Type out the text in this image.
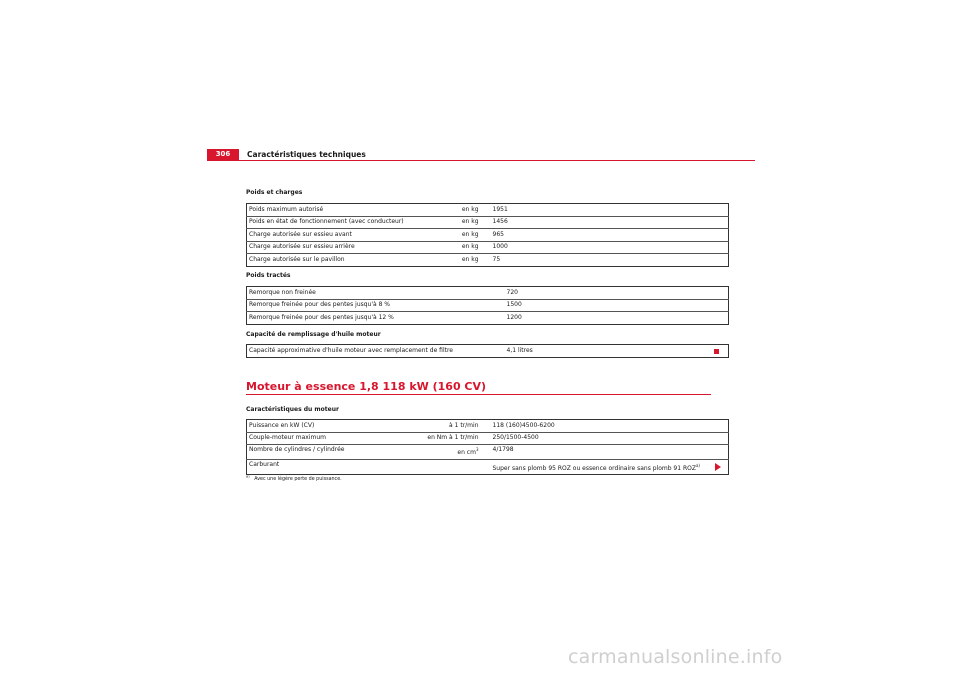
306	Caractéristiques techniques
Poids et charges
Poids maximum autorisé en kg	1951

Poids en état de fonctionnement (avec conducteur) en kg	1456

Charge autorisée sur essieu avant en kg	965

Charge autorisée sur essieu arrière en kg	1000

Charge autorisée sur le pavillon en kg	75
Poids tractés
Remorque non freinée	720
Remorque freinée pour des pentes jusqu'à 8 %	1500
Remorque freinée pour des pentes jusqu'à 12 %	1200
Capacité de remplissage d'huile moteur
Capacité approximative d'huile moteur avec remplacement de filtre	4,1 litres
Moteur à essence 1,8 118 kW (160 CV)
Caractéristiques du moteur
Puissance en kW (CV) à 1 tr/min	118 (160)4500-6200

Couple-moteur maximum en Nm à 1 tr/min	250/1500-4500

Nombre de cylindres / cylindrée en $cm^3$	4/1798
Carburant	Super sans plomb 95 ROZ ou essence ordinaire sans plomb 91 ROZ$^{a)}$
$^{a)}$   Avec une légère perte de puissance.
carmanualsonline.info
